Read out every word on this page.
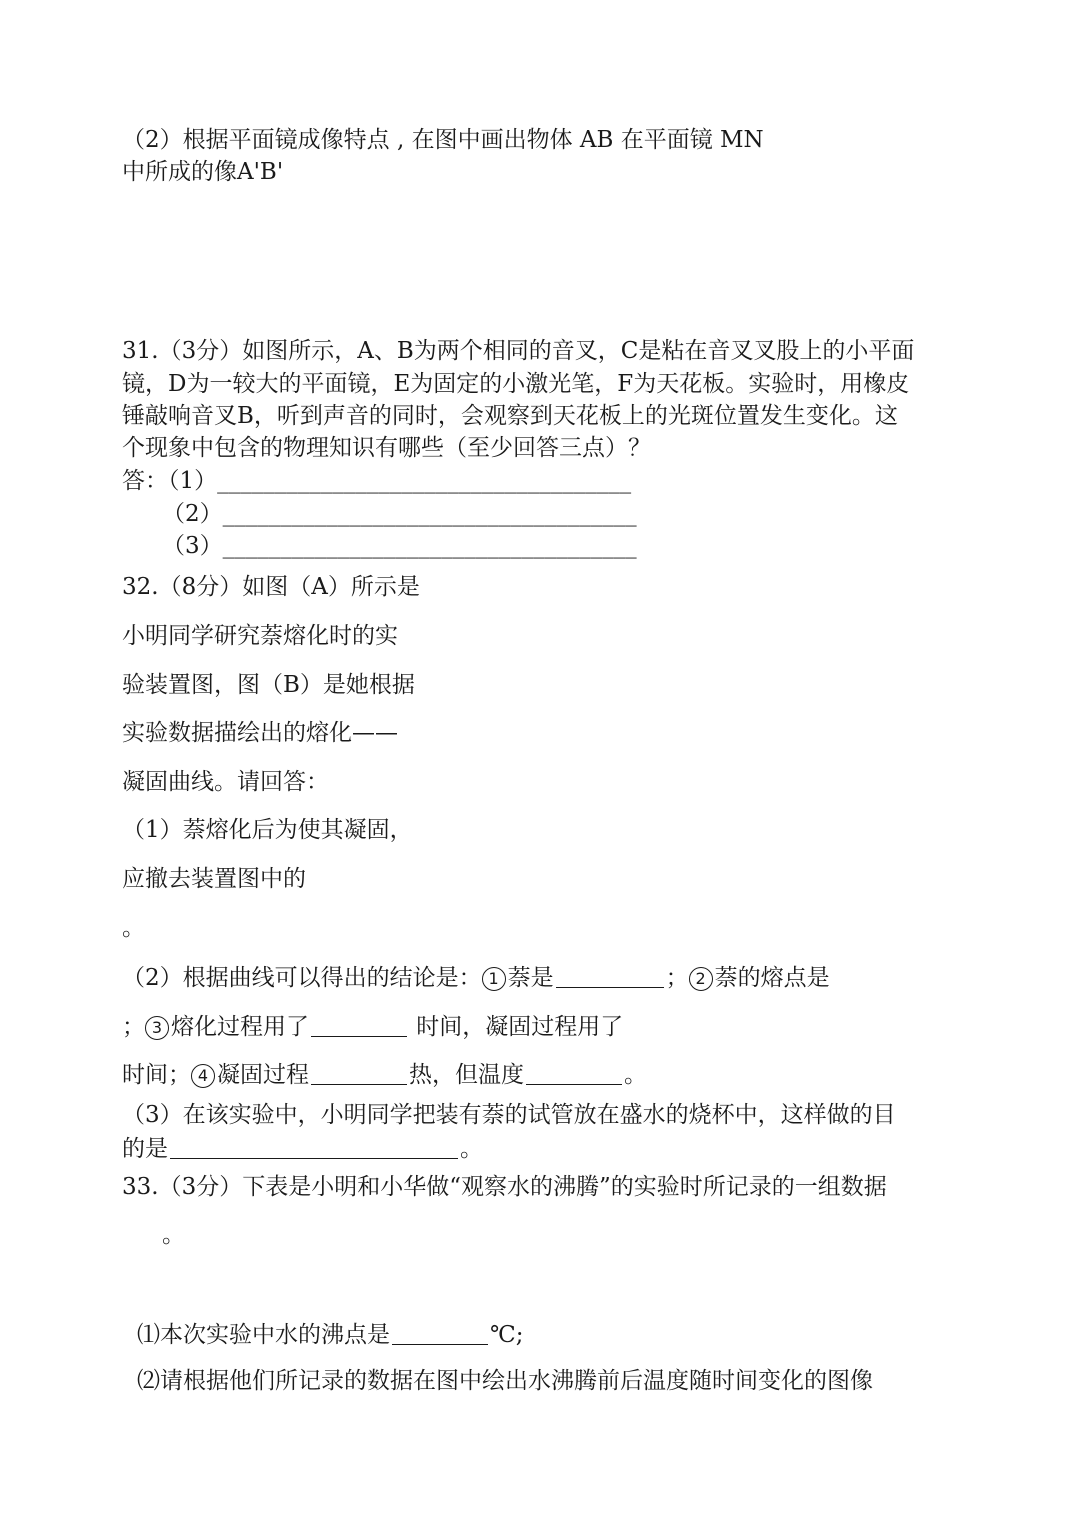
（2）根据平面镜成像特点 , 在图中画出物体 AB 在平面镜 MN
中所成的像A'B'
31.（3分）如图所示，A、B为两个相同的音叉，C是粘在音叉叉股上的小平面
镜，D为一较大的平面镜，E为固定的小激光笔，F为天花板。实验时，用橡皮
锤敲响音叉B，听到声音的同时，会观察到天花板上的光斑位置发生变化。这
个现象中包含的物理知识有哪些（至少回答三点）？
答：（1）____________________________________
（2）____________________________________
（3）____________________________________
32.（8分）如图（A）所示是
小明同学研究萘熔化时的实
验装置图，图（B）是她根据
实验数据描绘出的熔化——
凝固曲线。请回答：
（1）萘熔化后为使其凝固，
应撤去装置图中的
。
（2）根据曲线可以得出的结论是： 1 萘是	； 2 萘的熔点是
； 3 熔化过程用了	时间，凝固过程用了
时间； 4 凝固过程	热，但温度	。
（3）在该实验中，小明同学把装有萘的试管放在盛水的烧杯中，这样做的目
的是	。
33.（3分）下表是小明和小华做“观察水的沸腾”的实验时所记录的一组数据
。
⑴本次实验中水的沸点是	℃;
⑵请根据他们所记录的数据在图中绘出水沸腾前后温度随时间变化的图像
